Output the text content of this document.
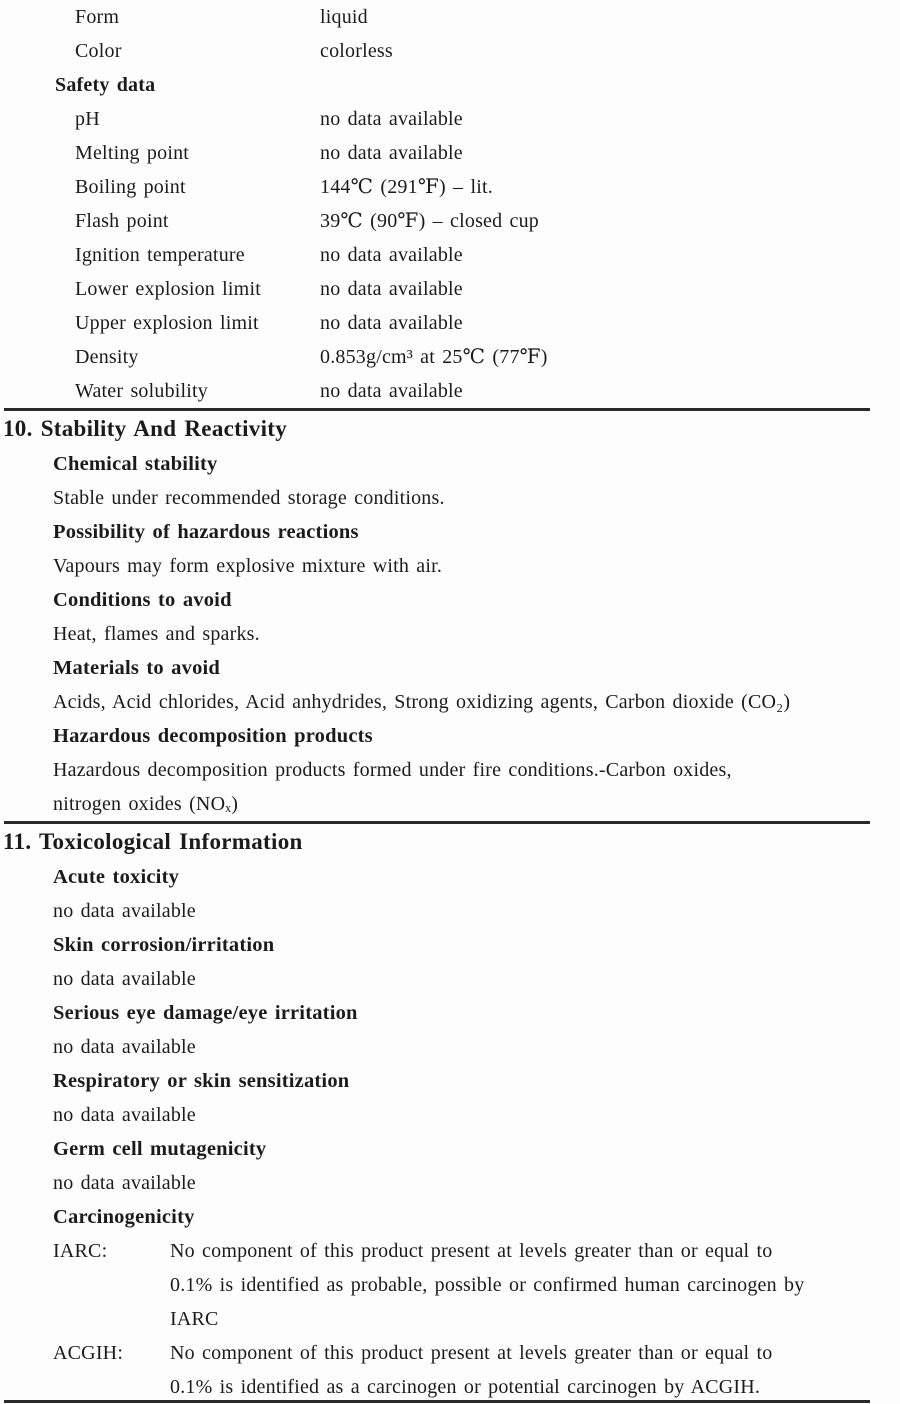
Form	liquid
Color	colorless
Safety data
pH	no data available
Melting point	no data available
Boiling point	144℃ (291℉) – lit.
Flash point	39℃ (90℉) – closed cup
Ignition temperature	no data available
Lower explosion limit	no data available
Upper explosion limit	no data available
Density	0.853g/cm³ at 25℃ (77℉)
Water solubility	no data available
10. Stability And Reactivity
Chemical stability
Stable under recommended storage conditions.
Possibility of hazardous reactions
Vapours may form explosive mixture with air.
Conditions to avoid
Heat, flames and sparks.
Materials to avoid
Acids, Acid chlorides, Acid anhydrides, Strong oxidizing agents, Carbon dioxide (CO₂)
Hazardous decomposition products
Hazardous decomposition products formed under fire conditions.-Carbon oxides,
nitrogen oxides (NOₓ)
11. Toxicological Information
Acute toxicity
no data available
Skin corrosion/irritation
no data available
Serious eye damage/eye irritation
no data available
Respiratory or skin sensitization
no data available
Germ cell mutagenicity
no data available
Carcinogenicity
IARC:	No component of this product present at levels greater than or equal to
0.1% is identified as probable, possible or confirmed human carcinogen by
IARC
ACGIH:	No component of this product present at levels greater than or equal to
0.1% is identified as a carcinogen or potential carcinogen by ACGIH.
